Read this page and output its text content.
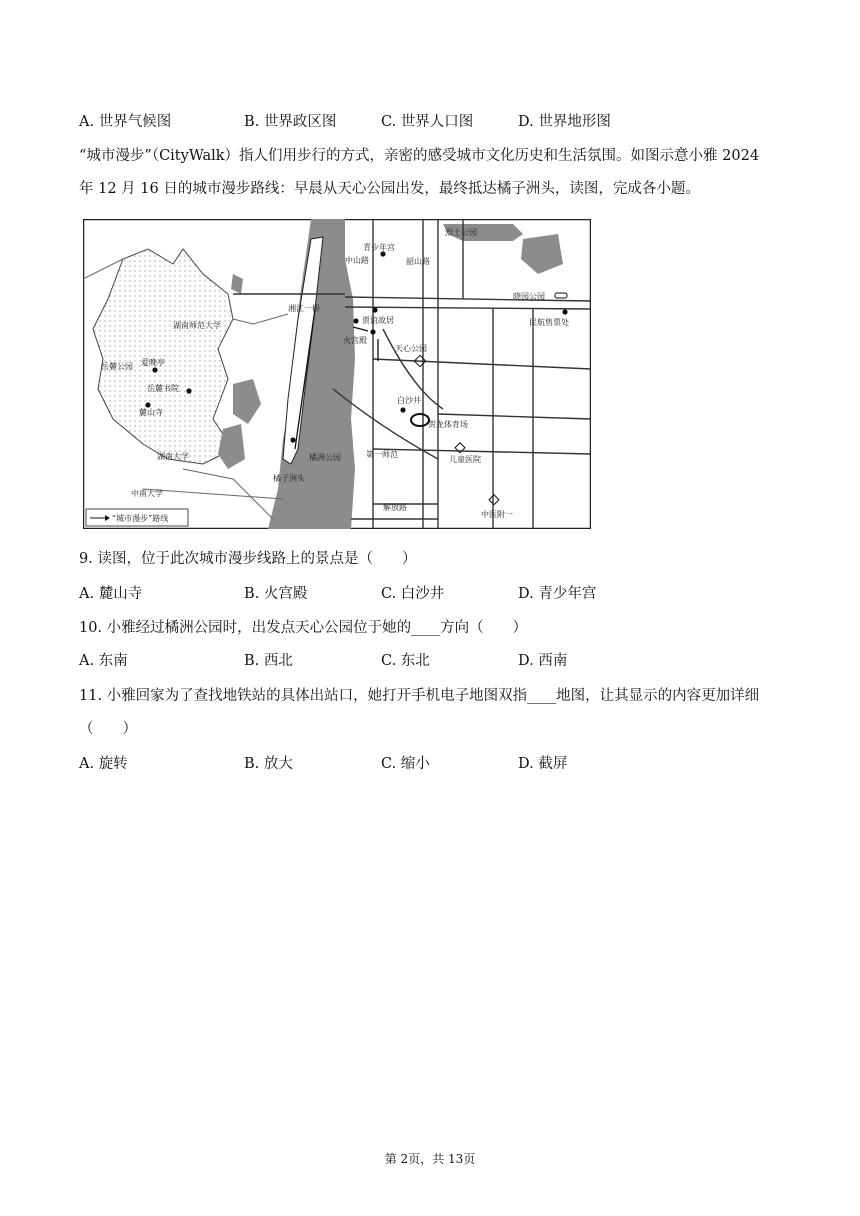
A. 世界气候图	B. 世界政区图	C. 世界人口图	D. 世界地形图
“城市漫步”（CityWalk）指人们用步行的方式，亲密的感受城市文化历史和生活氛围。如图示意小雅 2024
年 12 月 16 日的城市漫步路线：早晨从天心公园出发，最终抵达橘子洲头，读图，完成各小题。
青少年宫
烈士公园
晓园公园
民航售票处
湘江一桥
贾谊故居
火宫殿
天心公园
白沙井
贺龙体育场
儿童医院
中医附一
第一师范
橘洲公园
橘子洲头
湖南师范大学
岳麓公园 爱晚亭
岳麓书院
麓山寺
湖南大学
中南大学
中山路	韶山路
解放路
“城市漫步”路线
9. 读图，位于此次城市漫步线路上的景点是（　　）
A. 麓山寺	B. 火宫殿	C. 白沙井	D. 青少年宫
10. 小雅经过橘洲公园时，出发点天心公园位于她的____方向（　　）
A. 东南	B. 西北	C. 东北	D. 西南
11. 小雅回家为了查找地铁站的具体出站口，她打开手机电子地图双指____地图，让其显示的内容更加详细
（　　）
A. 旋转	B. 放大	C. 缩小	D. 截屏
第 2页，共 13页
